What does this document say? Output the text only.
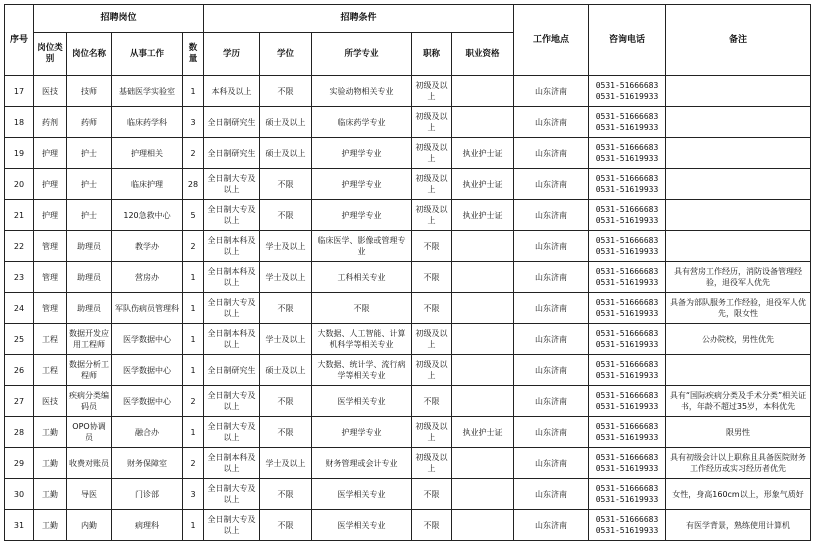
序号	招聘岗位				招聘条件					工作地点	咨询电话	备注
	岗位类别	岗位名称	从事工作	数量	学历	学位	所学专业	职称	职业资格			

17	医技	技师	基础医学实验室	1	本科及以上	不限	实验动物相关专业	初级及以上		山东济南	0531-51666683
0531-51619933	

18	药剂	药师	临床药学科	3	全日制研究生	硕士及以上	临床药学专业	初级及以上		山东济南	0531-51666683
0531-51619933	

19	护理	护士	护理相关	2	全日制研究生	硕士及以上	护理学专业	初级及以上	执业护士证	山东济南	0531-51666683
0531-51619933	

20	护理	护士	临床护理	28	全日制大专及以上	不限	护理学专业	初级及以上	执业护士证	山东济南	0531-51666683
0531-51619933	

21	护理	护士	120急救中心	5	全日制大专及以上	不限	护理学专业	初级及以上	执业护士证	山东济南	0531-51666683
0531-51619933	

22	管理	助理员	教学办	2	全日制本科及以上	学士及以上	临床医学、影像或管理专业	不限		山东济南	0531-51666683
0531-51619933	

23	管理	助理员	营房办	1	全日制本科及以上	学士及以上	工科相关专业	不限		山东济南	0531-51666683
0531-51619933	具有营房工作经历，消防设备管理经验，退役军人优先

24	管理	助理员	军队伤病员管理科	1	全日制大专及以上	不限	不限	不限		山东济南	0531-51666683
0531-51619933	具备为部队服务工作经验，退役军人优先，限女性

25	工程	数据开发应用工程师	医学数据中心	1	全日制本科及以上	学士及以上	大数据、人工智能、计算机科学等相关专业	初级及以上		山东济南	0531-51666683
0531-51619933	公办院校，男性优先

26	工程	数据分析工程师	医学数据中心	1	全日制研究生	硕士及以上	大数据、统计学、流行病学等相关专业	初级及以上		山东济南	0531-51666683
0531-51619933	

27	医技	疾病分类编码员	医学数据中心	2	全日制大专及以上	不限	医学相关专业	不限		山东济南	0531-51666683
0531-51619933	具有“国际疾病分类及手术分类”相关证书，年龄不超过35岁，本科优先

28	工勤	OPO协调员	融合办	1	全日制大专及以上	不限	护理学专业	初级及以上	执业护士证	山东济南	0531-51666683
0531-51619933	限男性

29	工勤	收费对账员	财务保障室	2	全日制本科及以上	学士及以上	财务管理或会计专业	初级及以上		山东济南	0531-51666683
0531-51619933	具有初级会计以上职称且具备医院财务工作经历或实习经历者优先

30	工勤	导医	门诊部	3	全日制大专及以上	不限	医学相关专业	不限		山东济南	0531-51666683
0531-51619933	女性，身高160cm以上，形象气质好

31	工勤	内勤	病理科	1	全日制大专及以上	不限	医学相关专业	不限		山东济南	0531-51666683
0531-51619933	有医学背景，熟练使用计算机
